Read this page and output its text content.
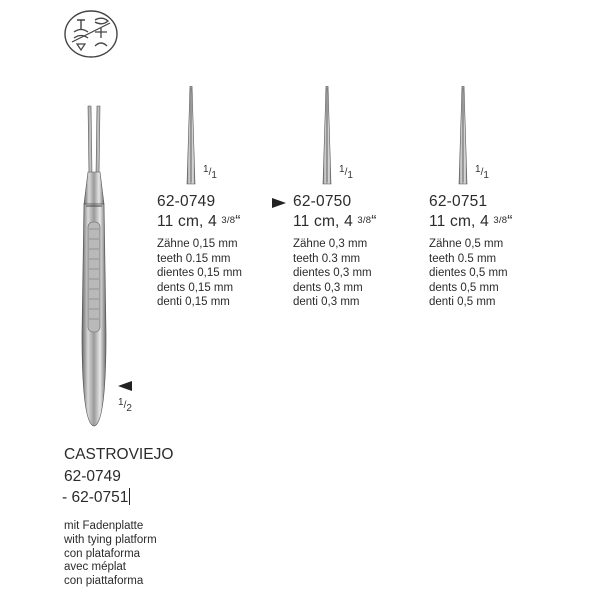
1/2
1/1
1/1
1/1
62-0749
11 cm, 4 3/8“
Zähne 0,15 mm
teeth 0.15 mm
dientes 0,15 mm
dents 0,15 mm
denti 0,15 mm
62-0750
11 cm, 4 3/8“
Zähne 0,3 mm
teeth 0.3 mm
dientes 0,3 mm
dents 0,3 mm
denti 0,3 mm
62-0751
11 cm, 4 3/8“
Zähne 0,5 mm
teeth 0.5 mm
dientes 0,5 mm
dents 0,5 mm
denti 0,5 mm
CASTROVIEJO
62-0749
- 62-0751
mit Fadenplatte
with tying platform
con plataforma
avec méplat
con piattaforma
